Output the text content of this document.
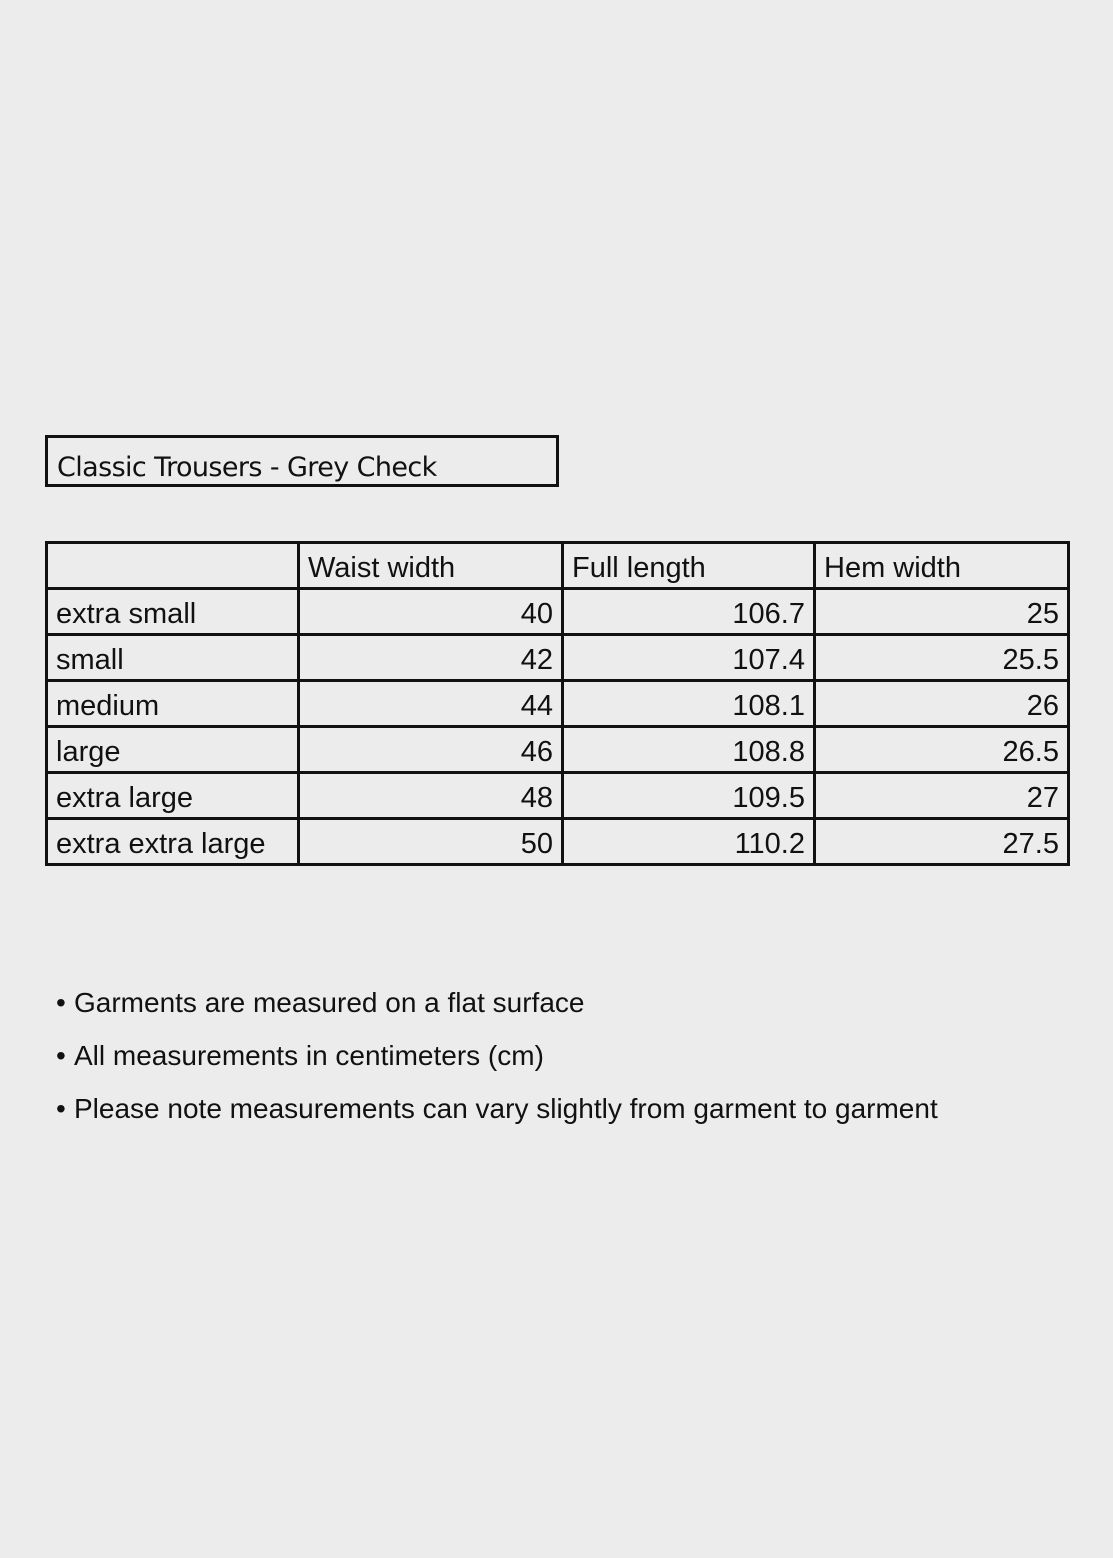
Classic Trousers - Grey Check
	Waist width	Full length	Hem width
extra small	40	106.7	25
small	42	107.4	25.5
medium	44	108.1	26
large	46	108.8	26.5
extra large	48	109.5	27
extra extra large	50	110.2	27.5
• Garments are measured on a flat surface
• All measurements in centimeters (cm)
• Please note measurements can vary slightly from garment to garment
